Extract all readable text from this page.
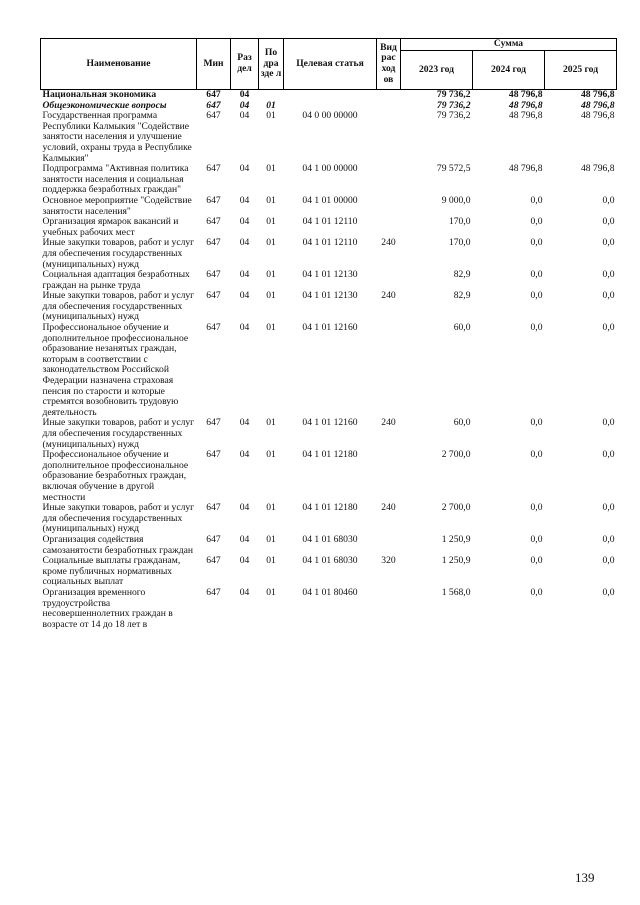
Наименование	Мин	Раз дел	По дра зде л	Целевая статья	Вид рас ход ов	Сумма		
						2023 год	2024 год	2025 год
Национальная экономика	647	04				79 736,2	48 796,8	48 796,8
Общеэкономические вопросы	647	04	01			79 736,2	48 796,8	48 796,8
Государственная программа Республики Калмыкия "Содействие занятости населения и улучшение условий, охраны труда в Республике Калмыкия"	647	04	01	04 0 00 00000		79 736,2	48 796,8	48 796,8
Подпрограмма "Активная политика занятости населения и социальная поддержка безработных граждан"	647	04	01	04 1 00 00000		79 572,5	48 796,8	48 796,8
Основное мероприятие "Содействие занятости населения"	647	04	01	04 1 01 00000		9 000,0	0,0	0,0
Организация ярмарок вакансий и учебных рабочих мест	647	04	01	04 1 01 12110		170,0	0,0	0,0
Иные закупки товаров, работ и услуг для обеспечения государственных (муниципальных) нужд	647	04	01	04 1 01 12110	240	170,0	0,0	0,0
Социальная адаптация безработных граждан на рынке труда	647	04	01	04 1 01 12130		82,9	0,0	0,0
Иные закупки товаров, работ и услуг для обеспечения государственных (муниципальных) нужд	647	04	01	04 1 01 12130	240	82,9	0,0	0,0
Профессиональное обучение и дополнительное профессиональное образование незанятых граждан, которым в соответствии с законодательством Российской Федерации назначена страховая пенсия по старости и которые стремятся возобновить трудовую деятельность	647	04	01	04 1 01 12160		60,0	0,0	0,0
Иные закупки товаров, работ и услуг для обеспечения государственных (муниципальных) нужд	647	04	01	04 1 01 12160	240	60,0	0,0	0,0
Профессиональное обучение и дополнительное профессиональное образование безработных граждан, включая обучение в другой местности	647	04	01	04 1 01 12180		2 700,0	0,0	0,0
Иные закупки товаров, работ и услуг для обеспечения государственных (муниципальных) нужд	647	04	01	04 1 01 12180	240	2 700,0	0,0	0,0
Организация содействия самозанятости безработных граждан	647	04	01	04 1 01 68030		1 250,9	0,0	0,0
Социальные выплаты гражданам, кроме публичных нормативных социальных выплат	647	04	01	04 1 01 68030	320	1 250,9	0,0	0,0
Организация временного трудоустройства несовершеннолетних граждан в возрасте от 14 до 18 лет в	647	04	01	04 1 01 80460		1 568,0	0,0	0,0
139
